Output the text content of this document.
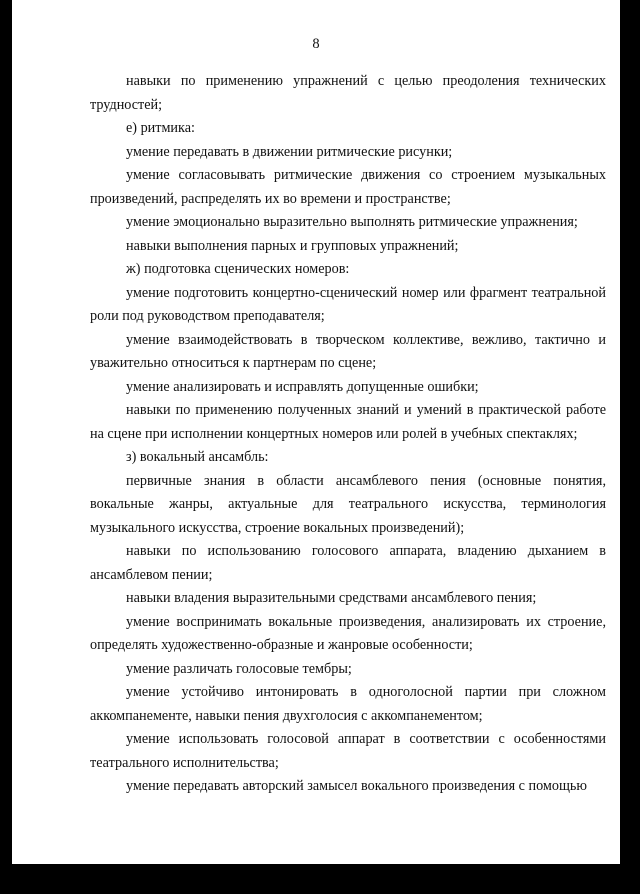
8

навыки по применению упражнений с целью преодоления технических трудностей;

е) ритмика:

умение передавать в движении ритмические рисунки;

умение согласовывать ритмические движения со строением музыкальных произведений, распределять их во времени и пространстве;

умение эмоционально выразительно выполнять ритмические упражнения;

навыки выполнения парных и групповых упражнений;

ж) подготовка сценических номеров:

умение подготовить концертно-сценический номер или фрагмент театральной роли под руководством преподавателя;

умение взаимодействовать в творческом коллективе, вежливо, тактично и уважительно относиться к партнерам по сцене;

умение анализировать и исправлять допущенные ошибки;

навыки по применению полученных знаний и умений в практической работе на сцене при исполнении концертных номеров или ролей в учебных спектаклях;

з) вокальный ансамбль:

первичные знания в области ансамблевого пения (основные понятия, вокальные жанры, актуальные для театрального искусства, терминология музыкального искусства, строение вокальных произведений);

навыки по использованию голосового аппарата, владению дыханием в ансамблевом пении;

навыки владения выразительными средствами ансамблевого пения;

умение воспринимать вокальные произведения, анализировать их строение, определять художественно-образные и жанровые особенности;

умение различать голосовые тембры;

умение устойчиво интонировать в одноголосной партии при сложном аккомпанементе, навыки пения двухголосия с аккомпанементом;

умение использовать голосовой аппарат в соответствии с особенностями театрального исполнительства;

умение передавать авторский замысел вокального произведения с помощью
